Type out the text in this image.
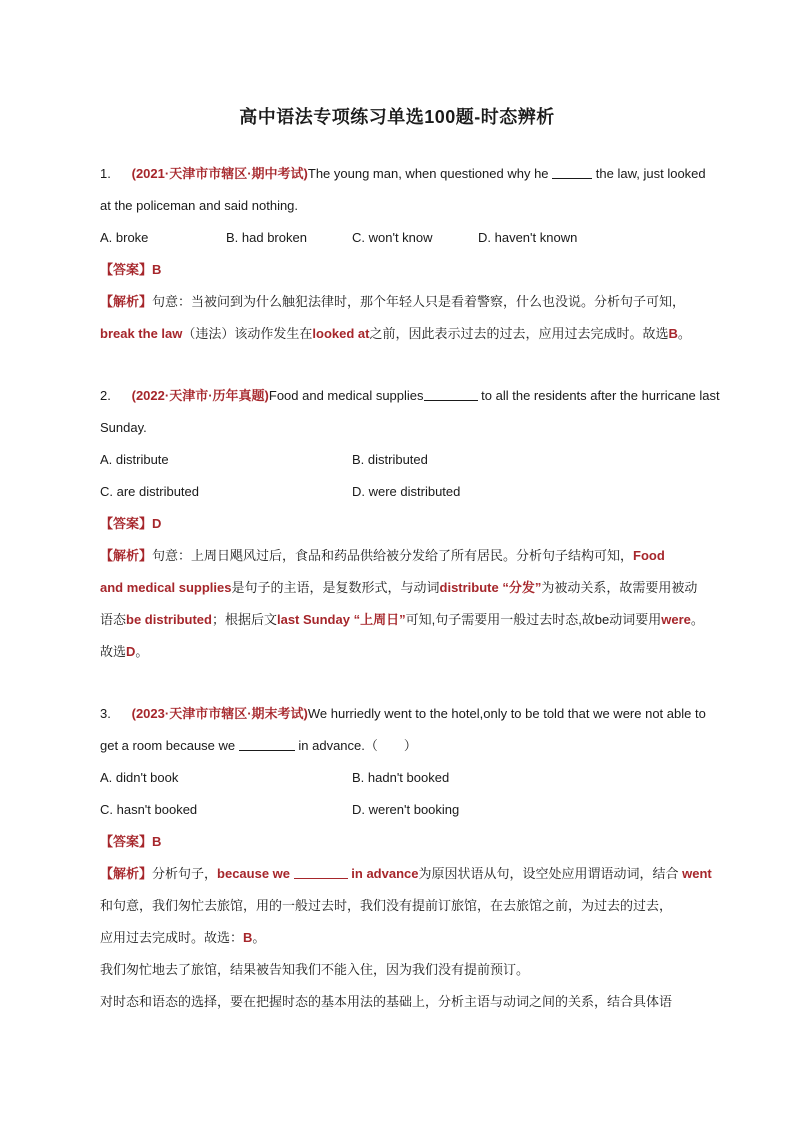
高中语法专项练习单选100题-时态辨析
1. (2021·天津市市辖区·期中考试)The young man, when questioned why he	the law, just looked
at the policeman and said nothing.
A. broke	B. had broken	C. won't know	D. haven't known
【答案】B
【解析】句意：当被问到为什么触犯法律时，那个年轻人只是看着警察，什么也没说。分析句子可知，
break the law（违法）该动作发生在looked at之前，因此表示过去的过去，应用过去完成时。故选B。
2. (2022·天津市·历年真题)Food and medical supplies	to all the residents after the hurricane last
Sunday.
A. distribute	B. distributed
C. are distributed	D. were distributed
【答案】D
【解析】句意：上周日飓风过后，食品和药品供给被分发给了所有居民。分析句子结构可知，Food
and medical supplies是句子的主语，是复数形式，与动词distribute “分发”为被动关系，故需要用被动
语态be distributed；根据后文last Sunday “上周日”可知,句子需要用一般过去时态,故be动词要用were。
故选D。
3. (2023·天津市市辖区·期末考试)We hurriedly went to the hotel,only to be told that we were not able to
get a room because we	in advance.（　　）
A. didn't book	B. hadn't booked
C. hasn't booked	D. weren't booking
【答案】B
【解析】分析句子，because we	in advance为原因状语从句，设空处应用谓语动词，结合 went
和句意，我们匆忙去旅馆，用的一般过去时，我们没有提前订旅馆，在去旅馆之前，为过去的过去，
应用过去完成时。故选：B。
我们匆忙地去了旅馆，结果被告知我们不能入住，因为我们没有提前预订。
对时态和语态的选择，要在把握时态的基本用法的基础上，分析主语与动词之间的关系，结合具体语
